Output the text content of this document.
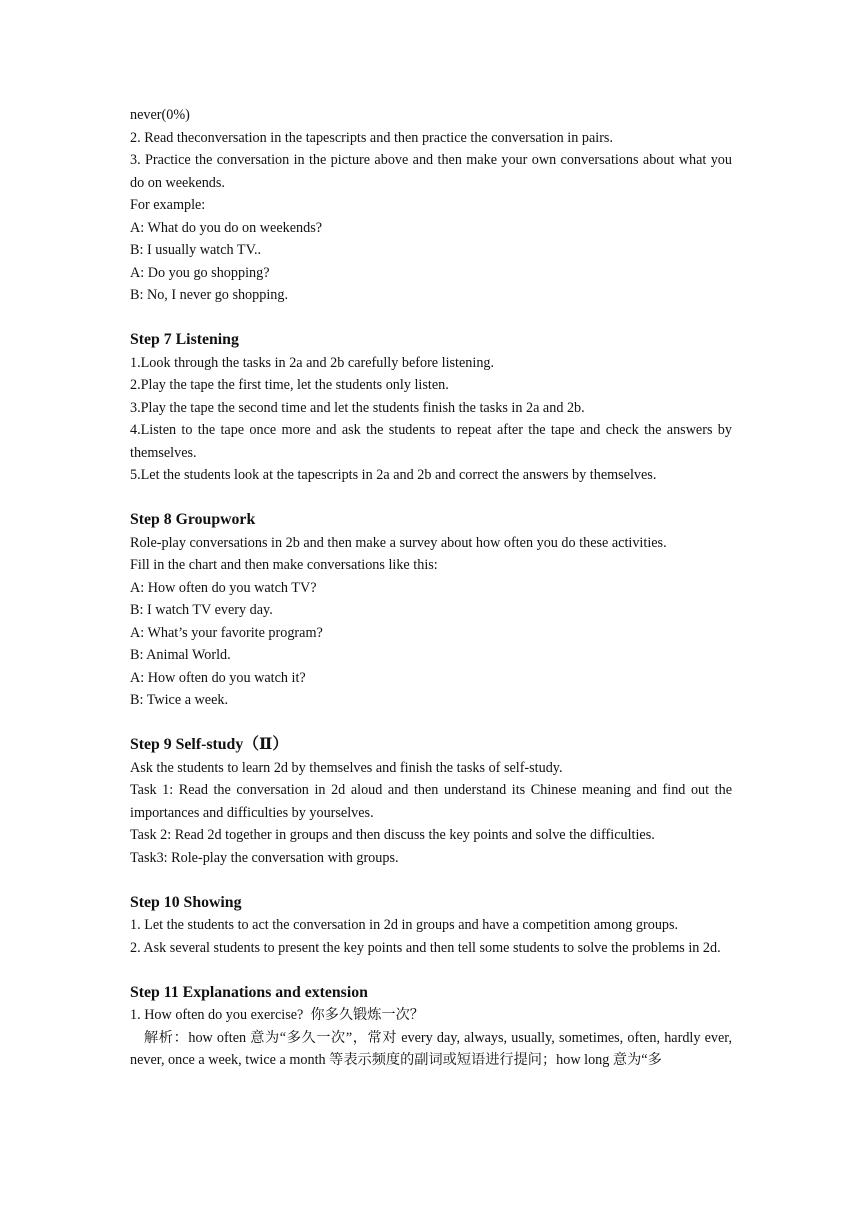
never(0%)

2. Read theconversation in the tapescripts and then practice the conversation in pairs.

3. Practice the conversation in the picture above and then make your own conversations about what you do on weekends.

For example:

A: What do you do on weekends?

B: I usually watch TV..

A: Do you go shopping?

B: No, I never go shopping.

Step 7 Listening

1.Look through the tasks in 2a and 2b carefully before listening.

2.Play the tape the first time, let the students only listen.

3.Play the tape the second time and let the students finish the tasks in 2a and 2b.

4.Listen to the tape once more and ask the students to repeat after the tape and check the answers by themselves.

5.Let the students look at the tapescripts in 2a and 2b and correct the answers by themselves.

Step 8 Groupwork

Role-play conversations in 2b and then make a survey about how often you do these activities.

Fill in the chart and then make conversations like this:

A: How often do you watch TV?

B: I watch TV every day.

A: What’s your favorite program?

B: Animal World.

A: How often do you watch it?

B: Twice a week.

Step 9 Self-study（Ⅱ）

Ask the students to learn 2d by themselves and finish the tasks of self-study.

Task 1: Read the conversation in 2d aloud and then understand its Chinese meaning and find out the importances and difficulties by yourselves.

Task 2: Read 2d together in groups and then discuss the key points and solve the difficulties.

Task3: Role-play the conversation with groups.

Step 10 Showing

1. Let the students to act the conversation in 2d in groups and have a competition among groups.

2. Ask several students to present the key points and then tell some students to solve the problems in 2d.

Step 11 Explanations and extension

1. How often do you exercise?  你多久锻炼一次？

解析：how often 意为“多久一次”，常对 every day, always, usually, sometimes, often, hardly ever, never, once a week, twice a month 等表示频度的副词或短语进行提问；how long 意为“多
